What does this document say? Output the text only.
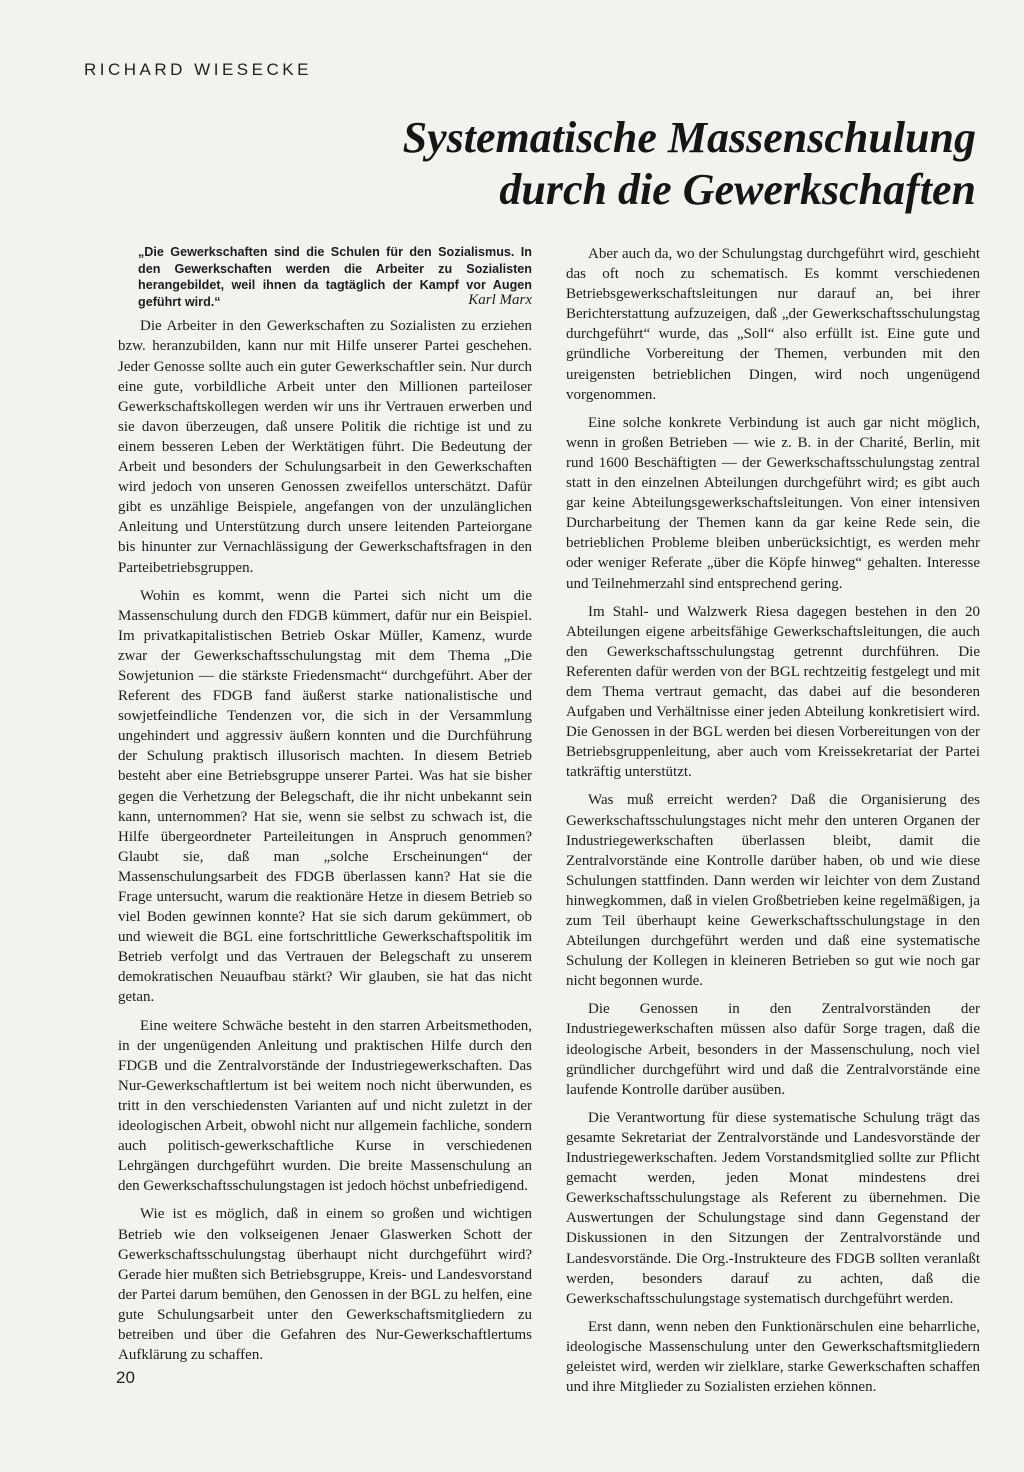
RICHARD WIESECKE
Systematische Massenschulung
durch die Gewerkschaften
„Die Gewerkschaften sind die Schulen für den Sozialismus. In den Gewerkschaften werden die Arbeiter zu Sozialisten herangebildet, weil ihnen da tagtäglich der Kampf vor Augen geführt wird.“	Karl Marx

Die Arbeiter in den Gewerkschaften zu Sozialisten zu erziehen bzw. heranzubilden, kann nur mit Hilfe unserer Partei geschehen. Jeder Genosse sollte auch ein guter Gewerkschaftler sein. Nur durch eine gute, vorbildliche Arbeit unter den Millionen parteiloser Gewerkschaftskollegen werden wir uns ihr Vertrauen erwerben und sie davon überzeugen, daß unsere Politik die richtige ist und zu einem besseren Leben der Werktätigen führt. Die Bedeutung der Arbeit und besonders der Schulungsarbeit in den Gewerkschaften wird jedoch von unseren Genossen zweifellos unterschätzt. Dafür gibt es unzählige Beispiele, angefangen von der unzulänglichen Anleitung und Unterstützung durch unsere leitenden Parteiorgane bis hinunter zur Vernachlässigung der Gewerkschaftsfragen in den Parteibetriebsgruppen.

Wohin es kommt, wenn die Partei sich nicht um die Massenschulung durch den FDGB kümmert, dafür nur ein Beispiel. Im privatkapitalistischen Betrieb Oskar Müller, Kamenz, wurde zwar der Gewerkschaftsschulungstag mit dem Thema „Die Sowjetunion — die stärkste Friedensmacht“ durchgeführt. Aber der Referent des FDGB fand äußerst starke nationalistische und sowjetfeindliche Tendenzen vor, die sich in der Versammlung ungehindert und aggressiv äußern konnten und die Durchführung der Schulung praktisch illusorisch machten. In diesem Betrieb besteht aber eine Betriebsgruppe unserer Partei. Was hat sie bisher gegen die Verhetzung der Belegschaft, die ihr nicht unbekannt sein kann, unternommen? Hat sie, wenn sie selbst zu schwach ist, die Hilfe übergeordneter Parteileitungen in Anspruch genommen? Glaubt sie, daß man „solche Erscheinungen“ der Massenschulungsarbeit des FDGB überlassen kann? Hat sie die Frage untersucht, warum die reaktionäre Hetze in diesem Betrieb so viel Boden gewinnen konnte? Hat sie sich darum gekümmert, ob und wieweit die BGL eine fortschrittliche Gewerkschaftspolitik im Betrieb verfolgt und das Vertrauen der Belegschaft zu unserem demokratischen Neuaufbau stärkt? Wir glauben, sie hat das nicht getan.

Eine weitere Schwäche besteht in den starren Arbeitsmethoden, in der ungenügenden Anleitung und praktischen Hilfe durch den FDGB und die Zentralvorstände der Industriegewerkschaften. Das Nur-Gewerkschaftlertum ist bei weitem noch nicht überwunden, es tritt in den verschiedensten Varianten auf und nicht zuletzt in der ideologischen Arbeit, obwohl nicht nur allgemein fachliche, sondern auch politisch-gewerkschaftliche Kurse in verschiedenen Lehrgängen durchgeführt wurden. Die breite Massenschulung an den Gewerkschaftsschulungstagen ist jedoch höchst unbefriedigend.

Wie ist es möglich, daß in einem so großen und wichtigen Betrieb wie den volkseigenen Jenaer Glaswerken Schott der Gewerkschaftsschulungstag überhaupt nicht durchgeführt wird? Gerade hier mußten sich Betriebsgruppe, Kreis- und Landesvorstand der Partei darum bemühen, den Genossen in der BGL zu helfen, eine gute Schulungsarbeit unter den Gewerkschaftsmitgliedern zu betreiben und über die Gefahren des Nur-Gewerkschaftlertums Aufklärung zu schaffen.

Aber auch da, wo der Schulungstag durchgeführt wird, geschieht das oft noch zu schematisch. Es kommt verschiedenen Betriebsgewerkschaftsleitungen nur darauf an, bei ihrer Berichterstattung aufzuzeigen, daß „der Gewerkschaftsschulungstag durchgeführt“ wurde, das „Soll“ also erfüllt ist. Eine gute und gründliche Vorbereitung der Themen, verbunden mit den ureigensten betrieblichen Dingen, wird noch ungenügend vorgenommen.

Eine solche konkrete Verbindung ist auch gar nicht möglich, wenn in großen Betrieben — wie z. B. in der Charité, Berlin, mit rund 1600 Beschäftigten — der Gewerkschaftsschulungstag zentral statt in den einzelnen Abteilungen durchgeführt wird; es gibt auch gar keine Abteilungsgewerkschaftsleitungen. Von einer intensiven Durcharbeitung der Themen kann da gar keine Rede sein, die betrieblichen Probleme bleiben unberücksichtigt, es werden mehr oder weniger Referate „über die Köpfe hinweg“ gehalten. Interesse und Teilnehmerzahl sind entsprechend gering.

Im Stahl- und Walzwerk Riesa dagegen bestehen in den 20 Abteilungen eigene arbeitsfähige Gewerkschaftsleitungen, die auch den Gewerkschaftsschulungstag getrennt durchführen. Die Referenten dafür werden von der BGL rechtzeitig festgelegt und mit dem Thema vertraut gemacht, das dabei auf die besonderen Aufgaben und Verhältnisse einer jeden Abteilung konkretisiert wird. Die Genossen in der BGL werden bei diesen Vorbereitungen von der Betriebsgruppenleitung, aber auch vom Kreissekretariat der Partei tatkräftig unterstützt.

Was muß erreicht werden? Daß die Organisierung des Gewerkschaftsschulungstages nicht mehr den unteren Organen der Industriegewerkschaften überlassen bleibt, damit die Zentralvorstände eine Kontrolle darüber haben, ob und wie diese Schulungen stattfinden. Dann werden wir leichter von dem Zustand hinwegkommen, daß in vielen Großbetrieben keine regelmäßigen, ja zum Teil überhaupt keine Gewerkschaftsschulungstage in den Abteilungen durchgeführt werden und daß eine systematische Schulung der Kollegen in kleineren Betrieben so gut wie noch gar nicht begonnen wurde.

Die Genossen in den Zentralvorständen der Industriegewerkschaften müssen also dafür Sorge tragen, daß die ideologische Arbeit, besonders in der Massenschulung, noch viel gründlicher durchgeführt wird und daß die Zentralvorstände eine laufende Kontrolle darüber ausüben.

Die Verantwortung für diese systematische Schulung trägt das gesamte Sekretariat der Zentralvorstände und Landesvorstände der Industriegewerkschaften. Jedem Vorstandsmitglied sollte zur Pflicht gemacht werden, jeden Monat mindestens drei Gewerkschaftsschulungstage als Referent zu übernehmen. Die Auswertungen der Schulungstage sind dann Gegenstand der Diskussionen in den Sitzungen der Zentralvorstände und Landesvorstände. Die Org.-Instrukteure des FDGB sollten veranlaßt werden, besonders darauf zu achten, daß die Gewerkschaftsschulungstage systematisch durchgeführt werden.

Erst dann, wenn neben den Funktionärschulen eine beharrliche, ideologische Massenschulung unter den Gewerkschaftsmitgliedern geleistet wird, werden wir zielklare, starke Gewerkschaften schaffen und ihre Mitglieder zu Sozialisten erziehen können.

20
